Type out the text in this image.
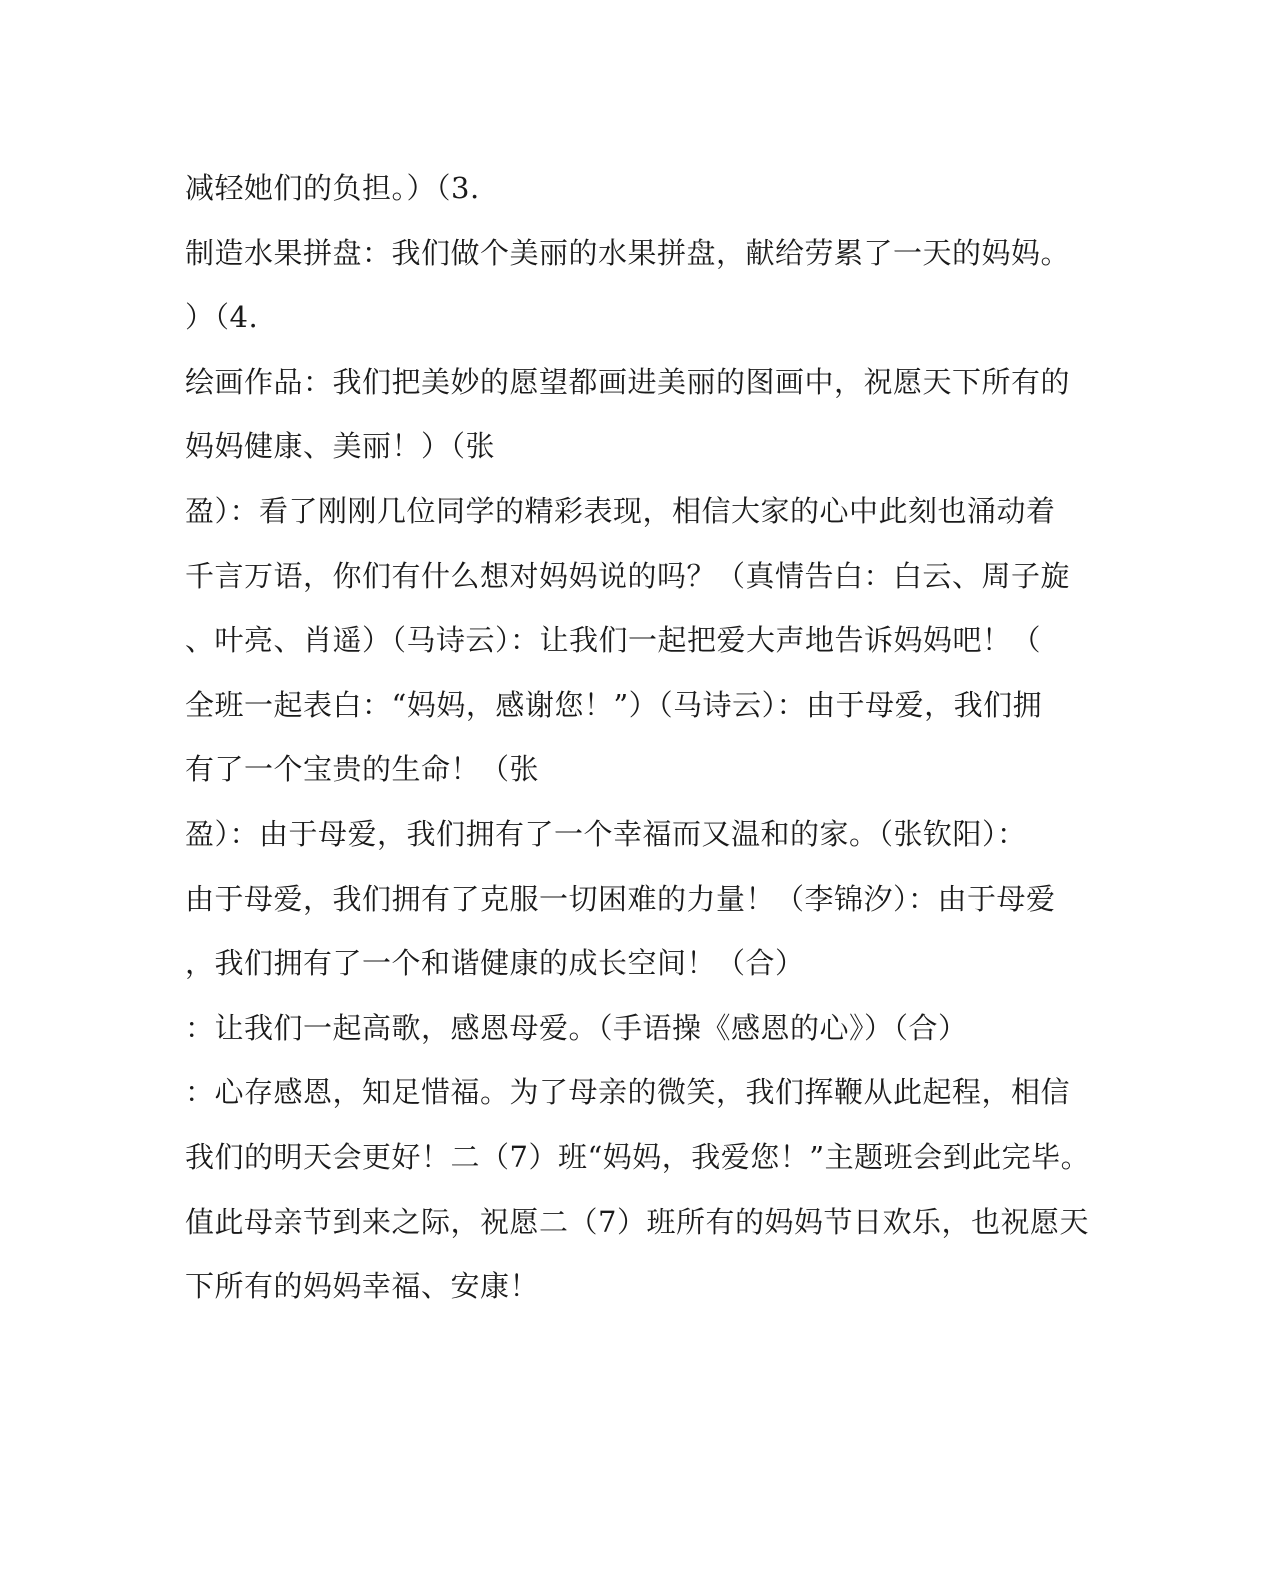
减轻她们的负担。）（3.
制造水果拼盘：我们做个美丽的水果拼盘，献给劳累了一天的妈妈。
）（4.
绘画作品：我们把美妙的愿望都画进美丽的图画中，祝愿天下所有的
妈妈健康、美丽！）（张
盈）：看了刚刚几位同学的精彩表现，相信大家的心中此刻也涌动着
千言万语，你们有什么想对妈妈说的吗？（真情告白：白云、周子旋
、叶亮、肖遥）（马诗云）：让我们一起把爱大声地告诉妈妈吧！（
全班一起表白：“妈妈，感谢您！”）（马诗云）：由于母爱，我们拥
有了一个宝贵的生命！（张
盈）：由于母爱，我们拥有了一个幸福而又温和的家。（张钦阳）：
由于母爱，我们拥有了克服一切困难的力量！（李锦汐）：由于母爱
，我们拥有了一个和谐健康的成长空间！（合）
：让我们一起高歌，感恩母爱。（手语操《感恩的心》）（合）
：心存感恩，知足惜福。为了母亲的微笑，我们挥鞭从此起程，相信
我们的明天会更好！二（7）班“妈妈，我爱您！”主题班会到此完毕。
值此母亲节到来之际，祝愿二（7）班所有的妈妈节日欢乐，也祝愿天
下所有的妈妈幸福、安康！
